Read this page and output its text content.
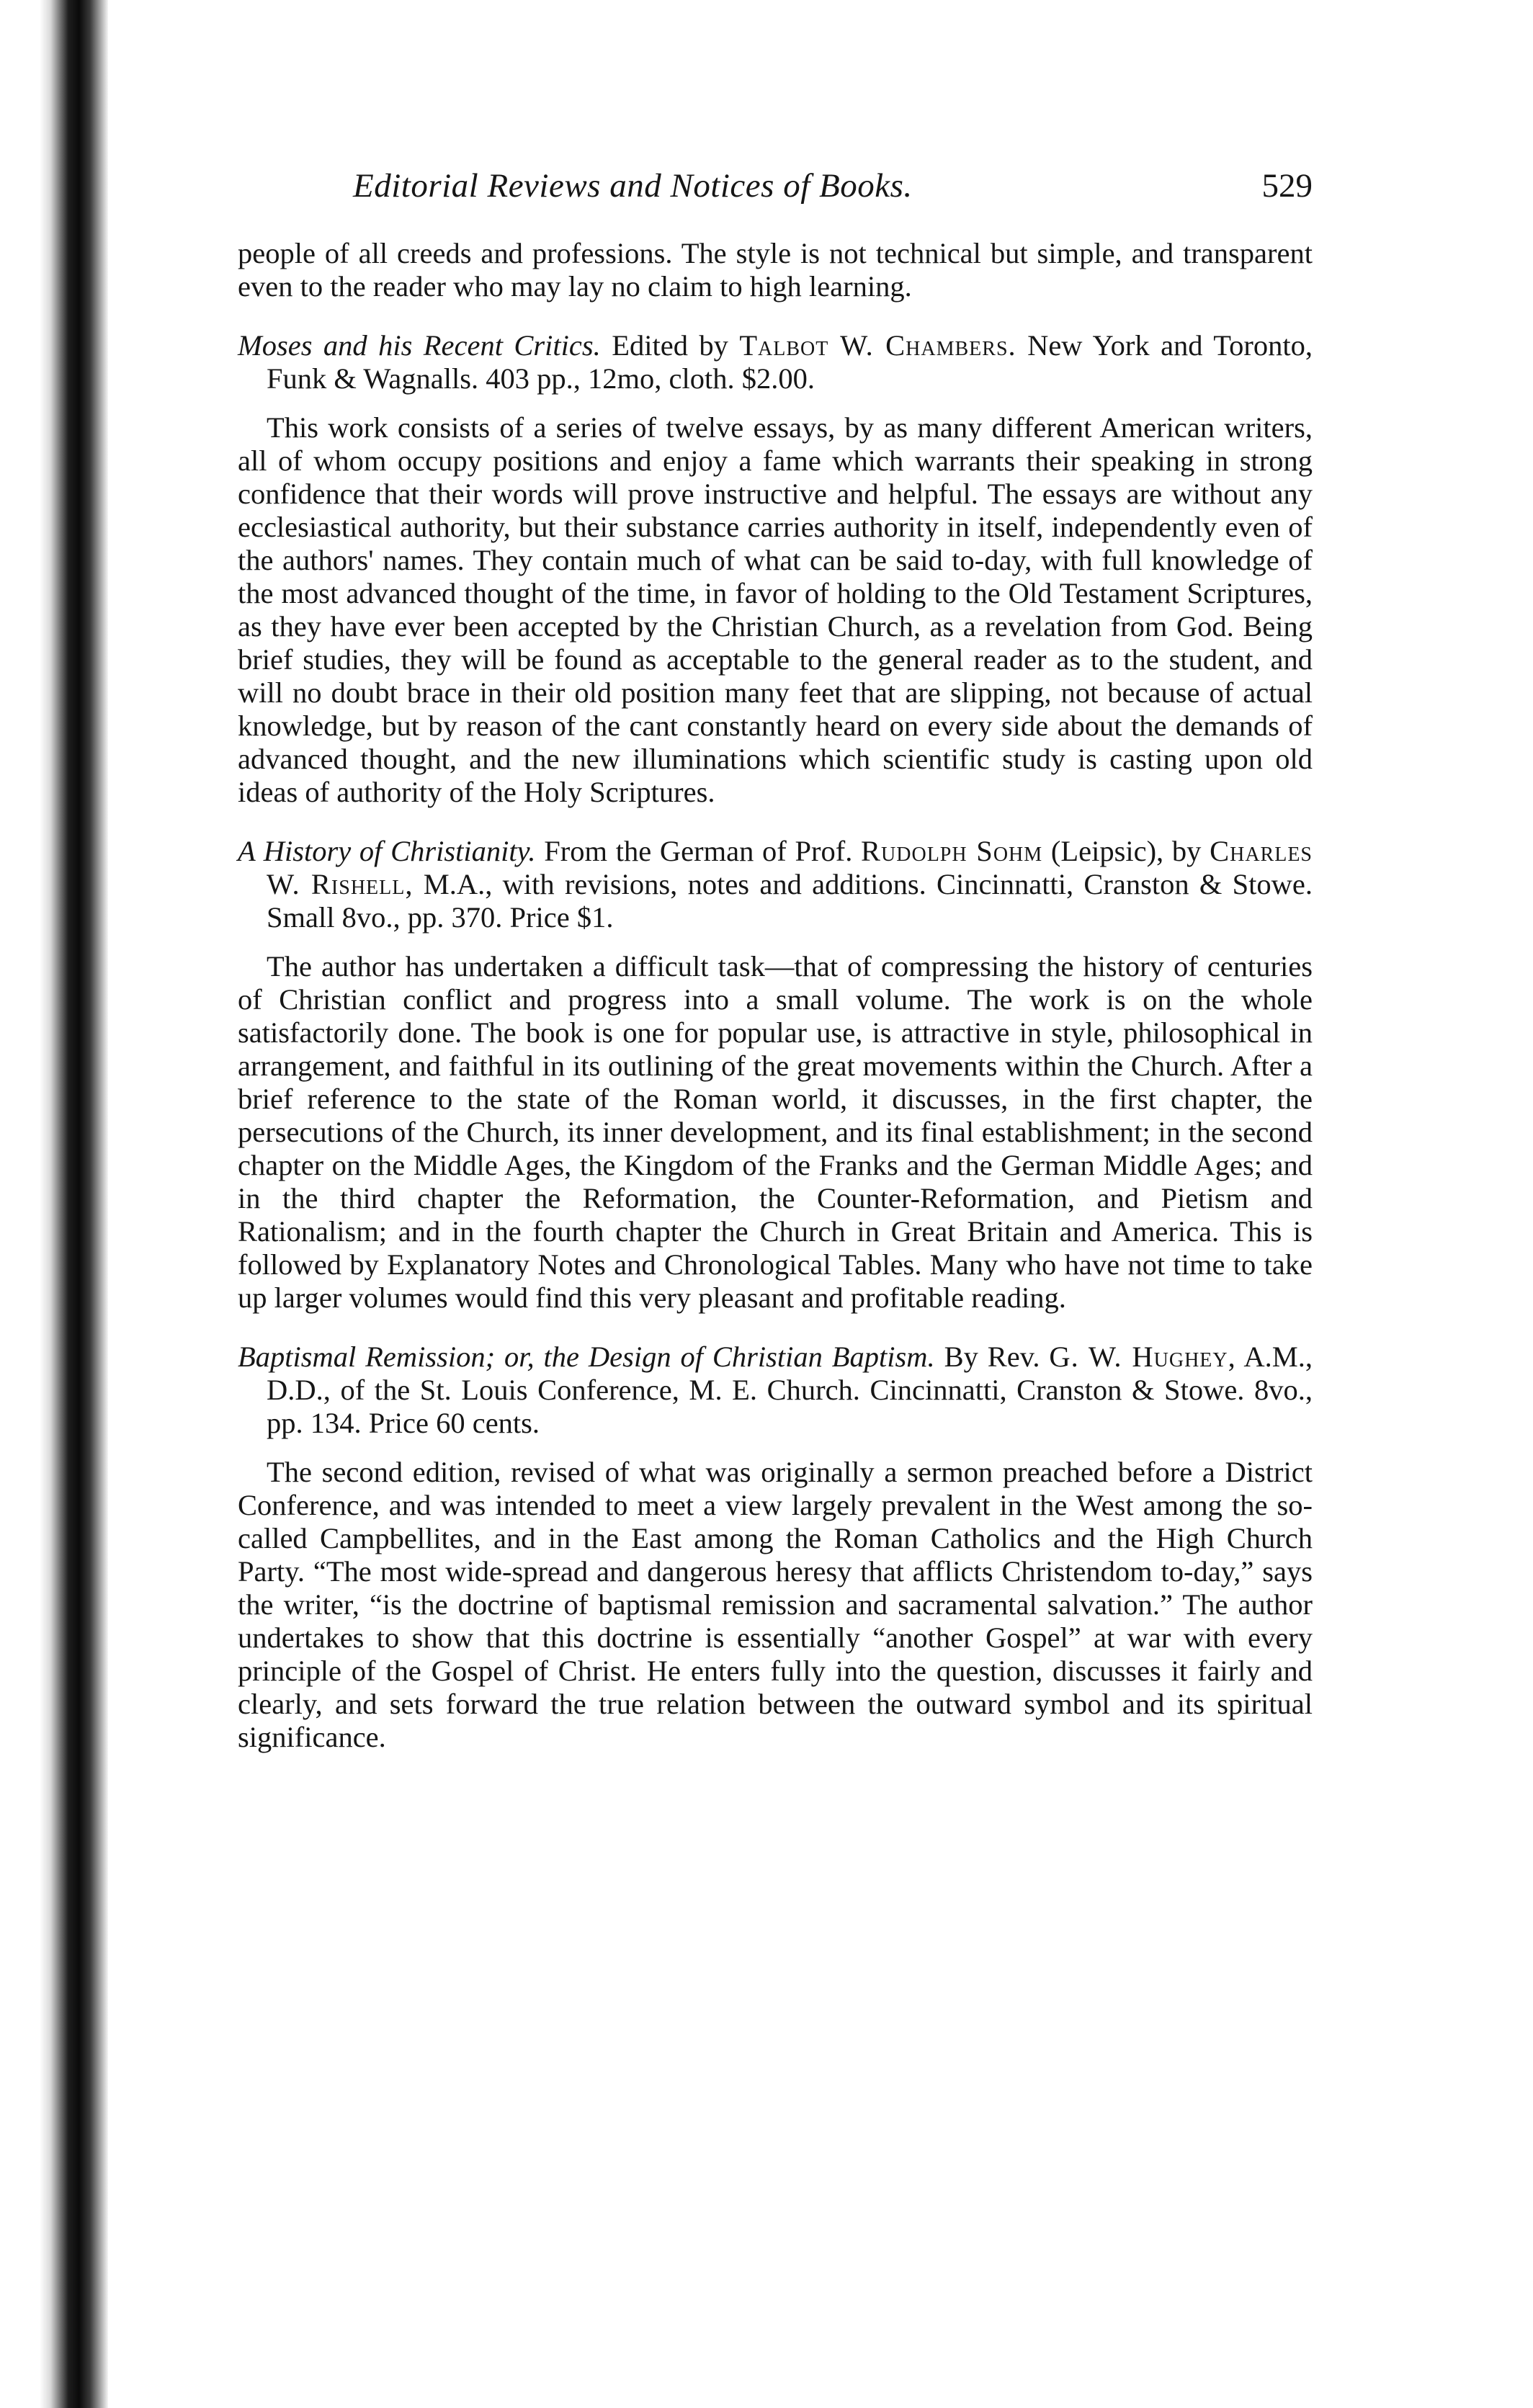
Editorial Reviews and Notices of Books.	529

people of all creeds and professions. The style is not technical but simple, and transparent even to the reader who may lay no claim to high learning.

Moses and his Recent Critics. Edited by Talbot W. Chambers. New York and Toronto, Funk & Wagnalls. 403 pp., 12mo, cloth. $2.00.

This work consists of a series of twelve essays, by as many different American writers, all of whom occupy positions and enjoy a fame which warrants their speaking in strong confidence that their words will prove instructive and helpful. The essays are without any ecclesiastical authority, but their substance carries authority in itself, independently even of the authors' names. They contain much of what can be said to-day, with full knowledge of the most advanced thought of the time, in favor of holding to the Old Testament Scriptures, as they have ever been accepted by the Christian Church, as a revelation from God. Being brief studies, they will be found as acceptable to the general reader as to the student, and will no doubt brace in their old position many feet that are slipping, not because of actual knowledge, but by reason of the cant constantly heard on every side about the demands of advanced thought, and the new illuminations which scientific study is casting upon old ideas of authority of the Holy Scriptures.

A History of Christianity. From the German of Prof. Rudolph Sohm (Leipsic), by Charles W. Rishell, M.A., with revisions, notes and additions. Cincinnatti, Cranston & Stowe. Small 8vo., pp. 370. Price $1.

The author has undertaken a difficult task—that of compressing the history of centuries of Christian conflict and progress into a small volume. The work is on the whole satisfactorily done. The book is one for popular use, is attractive in style, philosophical in arrangement, and faithful in its outlining of the great movements within the Church. After a brief reference to the state of the Roman world, it discusses, in the first chapter, the persecutions of the Church, its inner development, and its final establishment; in the second chapter on the Middle Ages, the Kingdom of the Franks and the German Middle Ages; and in the third chapter the Reformation, the Counter-Reformation, and Pietism and Rationalism; and in the fourth chapter the Church in Great Britain and America. This is followed by Explanatory Notes and Chronological Tables. Many who have not time to take up larger volumes would find this very pleasant and profitable reading.

Baptismal Remission; or, the Design of Christian Baptism. By Rev. G. W. Hughey, A.M., D.D., of the St. Louis Conference, M. E. Church. Cincinnatti, Cranston & Stowe. 8vo., pp. 134. Price 60 cents.

The second edition, revised of what was originally a sermon preached before a District Conference, and was intended to meet a view largely prevalent in the West among the so-called Campbellites, and in the East among the Roman Catholics and the High Church Party. “The most wide-spread and dangerous heresy that afflicts Christendom to-day,” says the writer, “is the doctrine of baptismal remission and sacramental salvation.” The author undertakes to show that this doctrine is essentially “another Gospel” at war with every principle of the Gospel of Christ. He enters fully into the question, discusses it fairly and clearly, and sets forward the true relation between the outward symbol and its spiritual significance.
